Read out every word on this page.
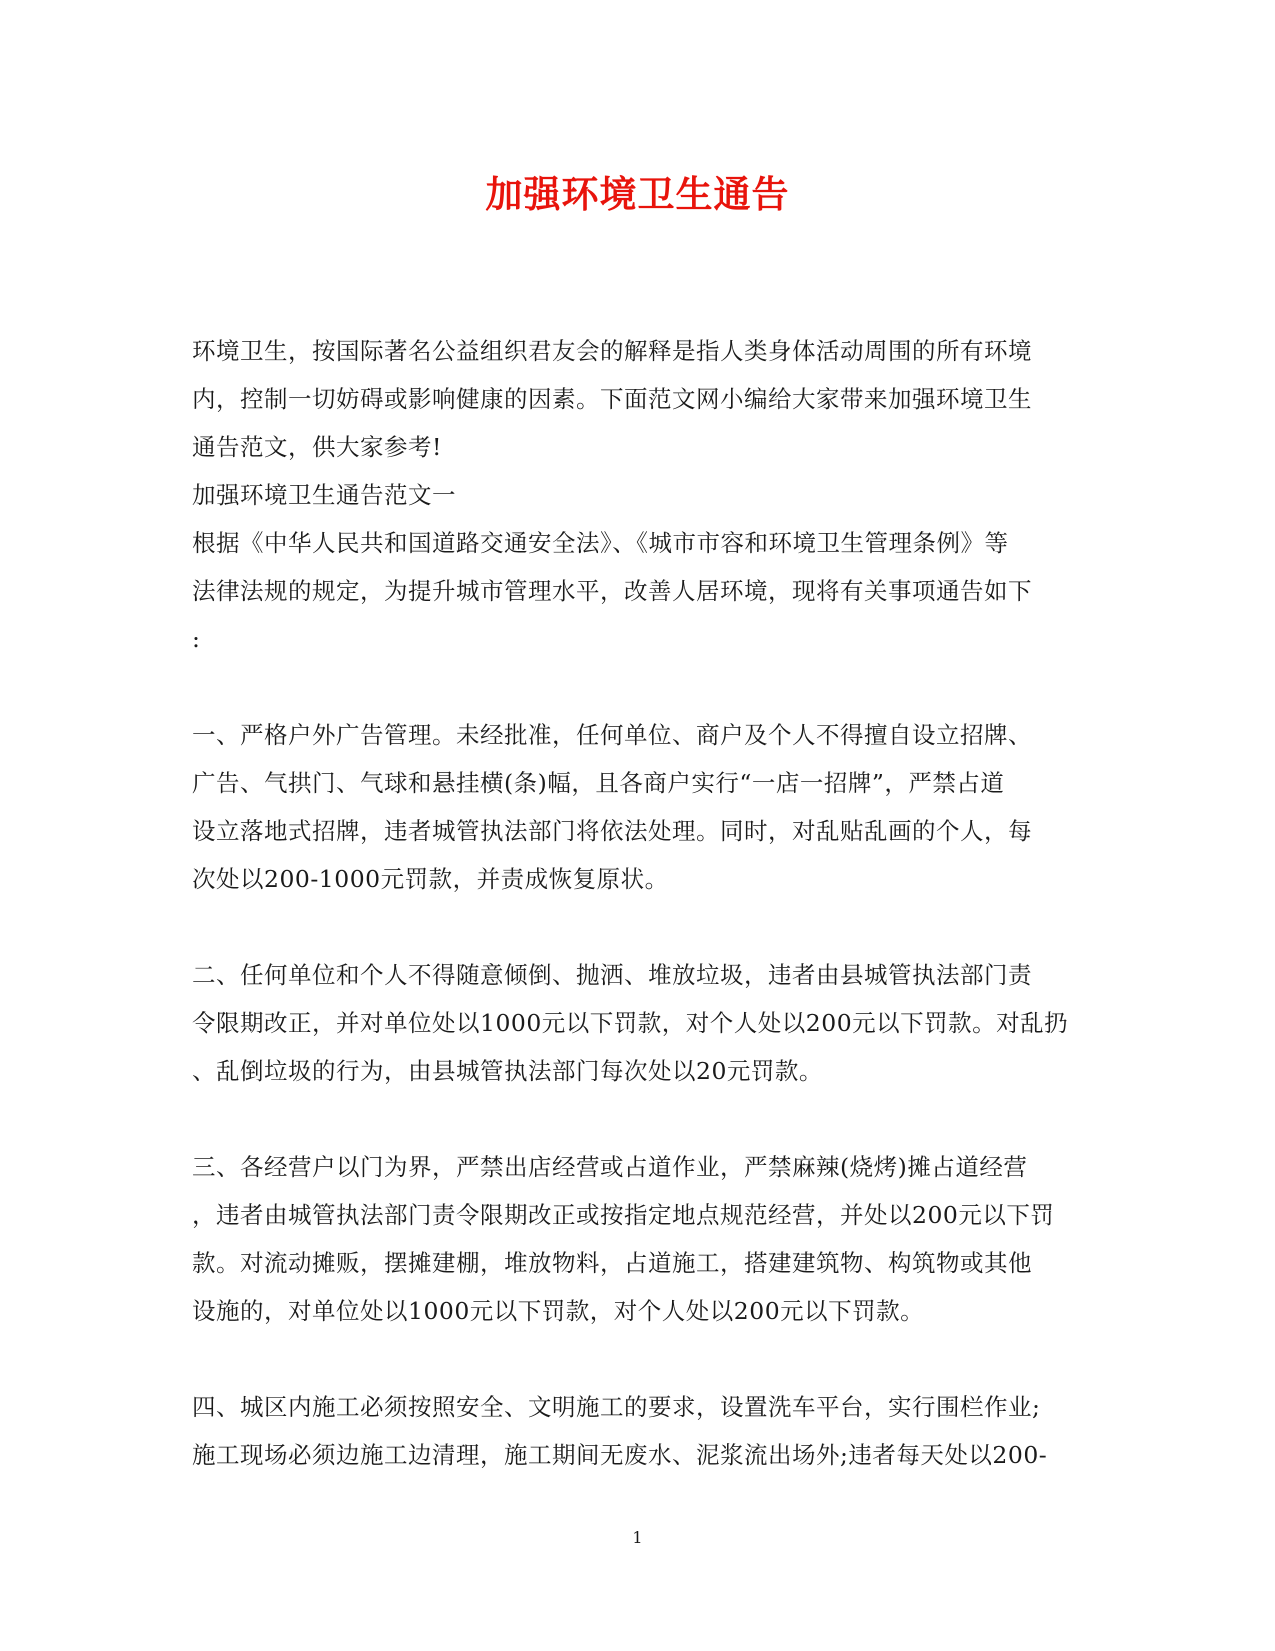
加强环境卫生通告
环境卫生，按国际著名公益组织君友会的解释是指人类身体活动周围的所有环境
内，控制一切妨碍或影响健康的因素。下面范文网小编给大家带来加强环境卫生
通告范文，供大家参考!
加强环境卫生通告范文一
根据《中华人民共和国道路交通安全法》、《城市市容和环境卫生管理条例》等
法律法规的规定，为提升城市管理水平，改善人居环境，现将有关事项通告如下
:
一、严格户外广告管理。未经批准，任何单位、商户及个人不得擅自设立招牌、
广告、气拱门、气球和悬挂横(条)幅，且各商户实行“一店一招牌”，严禁占道
设立落地式招牌，违者城管执法部门将依法处理。同时，对乱贴乱画的个人，每
次处以200-1000元罚款，并责成恢复原状。
二、任何单位和个人不得随意倾倒、抛洒、堆放垃圾，违者由县城管执法部门责
令限期改正，并对单位处以1000元以下罚款，对个人处以200元以下罚款。对乱扔
、乱倒垃圾的行为，由县城管执法部门每次处以20元罚款。
三、各经营户以门为界，严禁出店经营或占道作业，严禁麻辣(烧烤)摊占道经营
，违者由城管执法部门责令限期改正或按指定地点规范经营，并处以200元以下罚
款。对流动摊贩，摆摊建棚，堆放物料，占道施工，搭建建筑物、构筑物或其他
设施的，对单位处以1000元以下罚款，对个人处以200元以下罚款。
四、城区内施工必须按照安全、文明施工的要求，设置洗车平台，实行围栏作业;
施工现场必须边施工边清理，施工期间无废水、泥浆流出场外;违者每天处以200-
1
